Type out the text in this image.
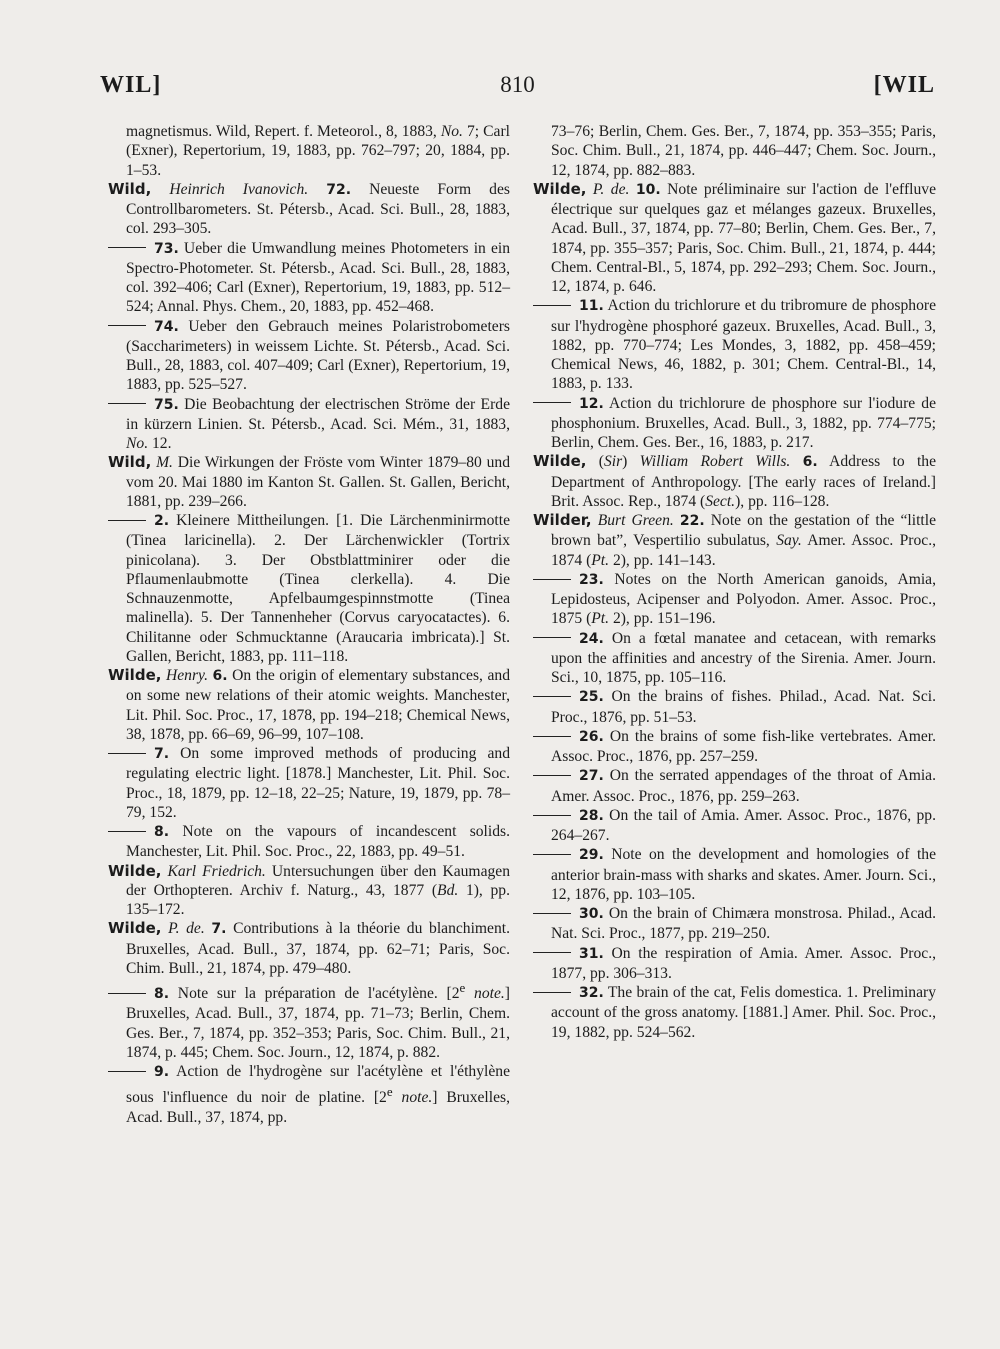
WIL]	810	[WIL

magnetismus. Wild, Repert. f. Meteorol., 8, 1883, No. 7; Carl (Exner), Repertorium, 19, 1883, pp. 762–797; 20, 1884, pp. 1–53.

Wild, Heinrich Ivanovich. 72. Neueste Form des Controllbarometers. St. Pétersb., Acad. Sci. Bull., 28, 1883, col. 293–305.

73. Ueber die Umwandlung meines Photometers in ein Spectro-Photometer. St. Pétersb., Acad. Sci. Bull., 28, 1883, col. 392–406; Carl (Exner), Repertorium, 19, 1883, pp. 512–524; Annal. Phys. Chem., 20, 1883, pp. 452–468.

74. Ueber den Gebrauch meines Polaristrobometers (Saccharimeters) in weissem Lichte. St. Pétersb., Acad. Sci. Bull., 28, 1883, col. 407–409; Carl (Exner), Repertorium, 19, 1883, pp. 525–527.

75. Die Beobachtung der electrischen Ströme der Erde in kürzern Linien. St. Pétersb., Acad. Sci. Mém., 31, 1883, No. 12.

Wild, M. Die Wirkungen der Fröste vom Winter 1879–80 und vom 20. Mai 1880 im Kanton St. Gallen. St. Gallen, Bericht, 1881, pp. 239–266.

2. Kleinere Mittheilungen. [1. Die Lärchenminirmotte (Tinea laricinella). 2. Der Lärchenwickler (Tortrix pinicolana). 3. Der Obstblattminirer oder die Pflaumenlaubmotte (Tinea clerkella). 4. Die Schnauzenmotte, Apfelbaumgespinnstmotte (Tinea malinella). 5. Der Tannenheher (Corvus caryocatactes). 6. Chilitanne oder Schmucktanne (Araucaria imbricata).] St. Gallen, Bericht, 1883, pp. 111–118.

Wilde, Henry. 6. On the origin of elementary substances, and on some new relations of their atomic weights. Manchester, Lit. Phil. Soc. Proc., 17, 1878, pp. 194–218; Chemical News, 38, 1878, pp. 66–69, 96–99, 107–108.

7. On some improved methods of producing and regulating electric light. [1878.] Manchester, Lit. Phil. Soc. Proc., 18, 1879, pp. 12–18, 22–25; Nature, 19, 1879, pp. 78–79, 152.

8. Note on the vapours of incandescent solids. Manchester, Lit. Phil. Soc. Proc., 22, 1883, pp. 49–51.

Wilde, Karl Friedrich. Untersuchungen über den Kaumagen der Orthopteren. Archiv f. Naturg., 43, 1877 (Bd. 1), pp. 135–172.

Wilde, P. de. 7. Contributions à la théorie du blanchiment. Bruxelles, Acad. Bull., 37, 1874, pp. 62–71; Paris, Soc. Chim. Bull., 21, 1874, pp. 479–480.

8. Note sur la préparation de l'acétylène. [2e note.] Bruxelles, Acad. Bull., 37, 1874, pp. 71–73; Berlin, Chem. Ges. Ber., 7, 1874, pp. 352–353; Paris, Soc. Chim. Bull., 21, 1874, p. 445; Chem. Soc. Journ., 12, 1874, p. 882.

9. Action de l'hydrogène sur l'acétylène et l'éthylène sous l'influence du noir de platine. [2e note.] Bruxelles, Acad. Bull., 37, 1874, pp.

73–76; Berlin, Chem. Ges. Ber., 7, 1874, pp. 353–355; Paris, Soc. Chim. Bull., 21, 1874, pp. 446–447; Chem. Soc. Journ., 12, 1874, pp. 882–883.

Wilde, P. de. 10. Note préliminaire sur l'action de l'effluve électrique sur quelques gaz et mélanges gazeux. Bruxelles, Acad. Bull., 37, 1874, pp. 77–80; Berlin, Chem. Ges. Ber., 7, 1874, pp. 355–357; Paris, Soc. Chim. Bull., 21, 1874, p. 444; Chem. Central-Bl., 5, 1874, pp. 292–293; Chem. Soc. Journ., 12, 1874, p. 646.

11. Action du trichlorure et du tribromure de phosphore sur l'hydrogène phosphoré gazeux. Bruxelles, Acad. Bull., 3, 1882, pp. 770–774; Les Mondes, 3, 1882, pp. 458–459; Chemical News, 46, 1882, p. 301; Chem. Central-Bl., 14, 1883, p. 133.

12. Action du trichlorure de phosphore sur l'iodure de phosphonium. Bruxelles, Acad. Bull., 3, 1882, pp. 774–775; Berlin, Chem. Ges. Ber., 16, 1883, p. 217.

Wilde, (Sir) William Robert Wills. 6. Address to the Department of Anthropology. [The early races of Ireland.] Brit. Assoc. Rep., 1874 (Sect.), pp. 116–128.

Wilder, Burt Green. 22. Note on the gestation of the “little brown bat”, Vespertilio subulatus, Say. Amer. Assoc. Proc., 1874 (Pt. 2), pp. 141–143.

23. Notes on the North American ganoids, Amia, Lepidosteus, Acipenser and Polyodon. Amer. Assoc. Proc., 1875 (Pt. 2), pp. 151–196.

24. On a fœtal manatee and cetacean, with remarks upon the affinities and ancestry of the Sirenia. Amer. Journ. Sci., 10, 1875, pp. 105–116.

25. On the brains of fishes. Philad., Acad. Nat. Sci. Proc., 1876, pp. 51–53.

26. On the brains of some fish-like vertebrates. Amer. Assoc. Proc., 1876, pp. 257–259.

27. On the serrated appendages of the throat of Amia. Amer. Assoc. Proc., 1876, pp. 259–263.

28. On the tail of Amia. Amer. Assoc. Proc., 1876, pp. 264–267.

29. Note on the development and homologies of the anterior brain-mass with sharks and skates. Amer. Journ. Sci., 12, 1876, pp. 103–105.

30. On the brain of Chimæra monstrosa. Philad., Acad. Nat. Sci. Proc., 1877, pp. 219–250.

31. On the respiration of Amia. Amer. Assoc. Proc., 1877, pp. 306–313.

32. The brain of the cat, Felis domestica. 1. Preliminary account of the gross anatomy. [1881.] Amer. Phil. Soc. Proc., 19, 1882, pp. 524–562.
